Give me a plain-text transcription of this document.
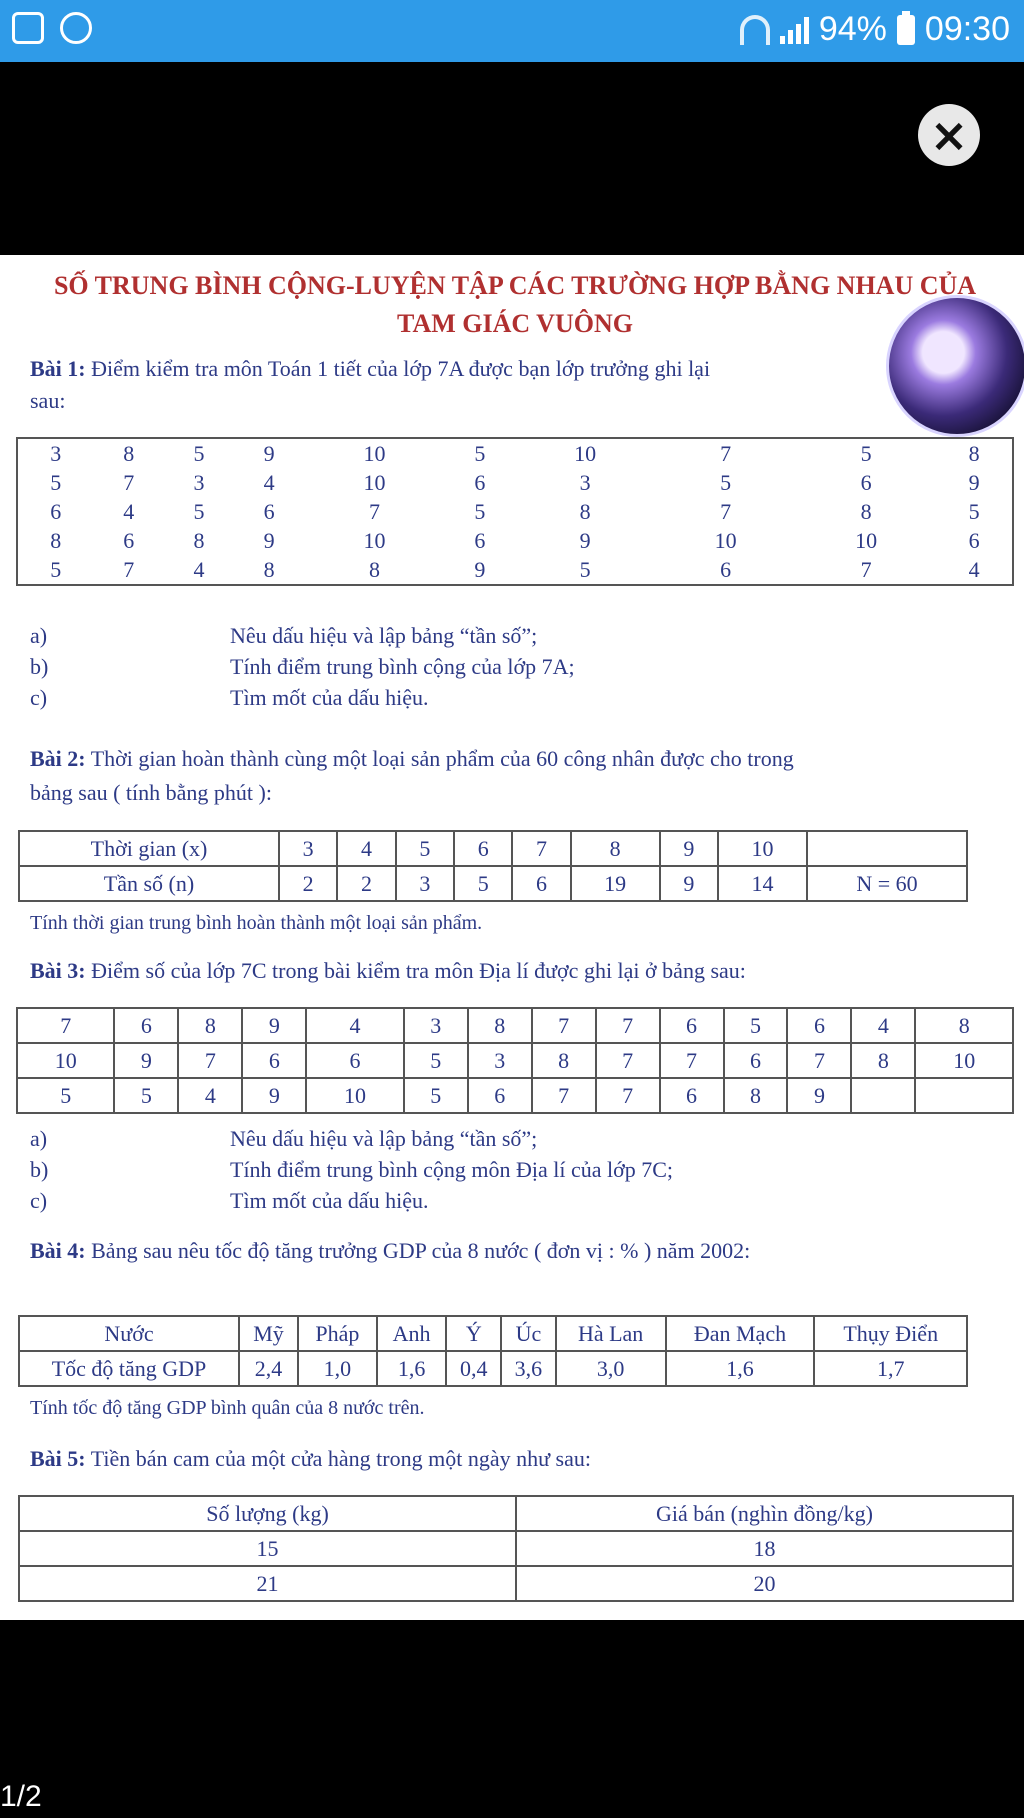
94% 09:30
×
SỐ TRUNG BÌNH CỘNG-LUYỆN TẬP CÁC TRƯỜNG HỢP BẰNG NHAU CỦA
TAM GIÁC VUÔNG
Bài 1: Điểm kiểm tra môn Toán 1 tiết của lớp 7A được bạn lớp trưởng ghi lại
sau:
3	8	5	9	10	5	10	7	5	8
5	7	3	4	10	6	3	5	6	9
6	4	5	6	7	5	8	7	8	5
8	6	8	9	10	6	9	10	10	6
5	7	4	8	8	9	5	6	7	4
a)	Nêu dấu hiệu và lập bảng “tần số”;
b)	Tính điểm trung bình cộng của lớp 7A;
c)	Tìm mốt của dấu hiệu.
Bài 2: Thời gian hoàn thành cùng một loại sản phẩm của 60 công nhân được cho trong
bảng sau ( tính bằng phút ):
Thời gian (x)	3	4	5	6	7	8	9	10	
Tần số (n)	2	2	3	5	6	19	9	14	N = 60
Tính thời gian trung bình hoàn thành một loại sản phẩm.
Bài 3: Điểm số của lớp 7C trong bài kiểm tra môn Địa lí được ghi lại ở bảng sau:
7	6	8	9	4	3	8	7	7	6	5	6	4	8
10	9	7	6	6	5	3	8	7	7	6	7	8	10
5	5	4	9	10	5	6	7	7	6	8	9		
a)	Nêu dấu hiệu và lập bảng “tần số”;
b)	Tính điểm trung bình cộng môn Địa lí của lớp 7C;
c)	Tìm mốt của dấu hiệu.
Bài 4: Bảng sau nêu tốc độ tăng trưởng GDP của 8 nước ( đơn vị : % ) năm 2002:
Nước	Mỹ	Pháp	Anh	Ý	Úc	Hà Lan	Đan Mạch	Thụy Điển
Tốc độ tăng GDP	2,4	1,0	1,6	0,4	3,6	3,0	1,6	1,7
Tính tốc độ tăng GDP bình quân của 8 nước trên.
Bài 5: Tiền bán cam của một cửa hàng trong một ngày như sau:
Số lượng (kg)	Giá bán (nghìn đồng/kg)
15	18
21	20
1/2
